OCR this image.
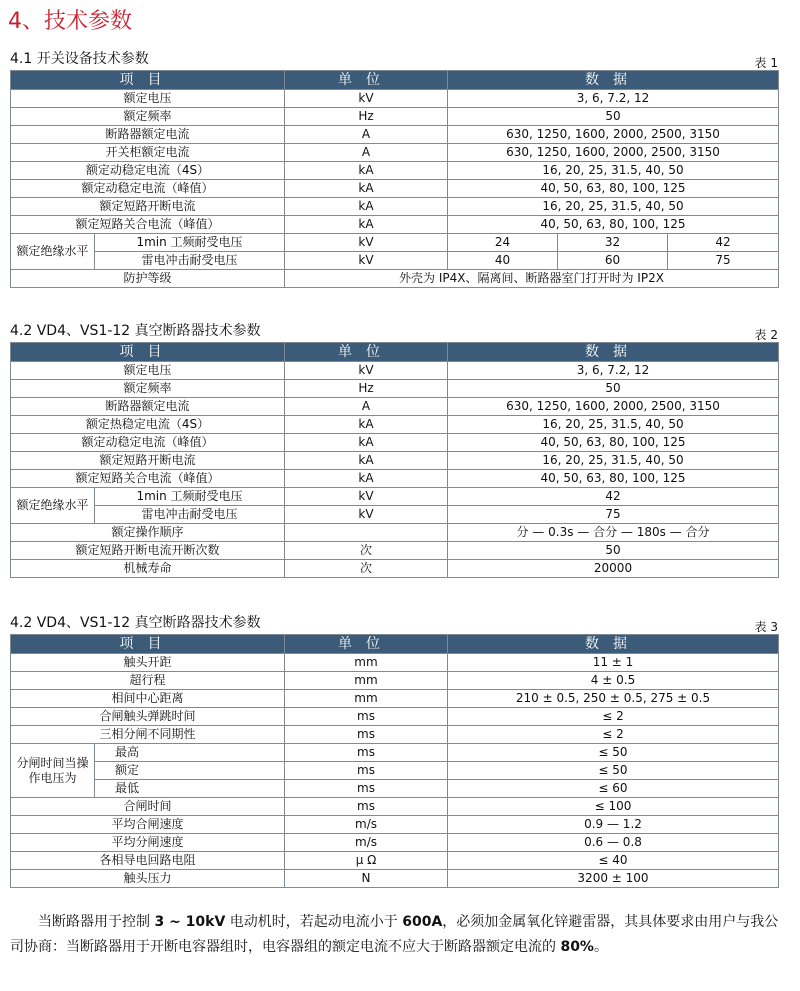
4、技术参数
4.1 开关设备技术参数	表 1
项目		单位	数据		
额定电压		kV	3, 6, 7.2, 12		
额定频率		Hz	50		
断路器额定电流		A	630, 1250, 1600, 2000, 2500, 3150		
开关柜额定电流		A	630, 1250, 1600, 2000, 2500, 3150		
额定动稳定电流（4S）		kA	16, 20, 25, 31.5, 40, 50		
额定动稳定电流（峰值）		kA	40, 50, 63, 80, 100, 125		
额定短路开断电流		kA	16, 20, 25, 31.5, 40, 50		
额定短路关合电流（峰值）		kA	40, 50, 63, 80, 100, 125		
额定绝缘水平	1min 工频耐受电压	kV	24	32	42
	雷电冲击耐受电压	kV	40	60	75
防护等级		外壳为 IP4X、隔离间、断路器室门打开时为 IP2X			
4.2 VD4、VS1-12 真空断路器技术参数	表 2
项目		单位	数据
额定电压		kV	3, 6, 7.2, 12
额定频率		Hz	50
断路器额定电流		A	630, 1250, 1600, 2000, 2500, 3150
额定热稳定电流（4S）		kA	16, 20, 25, 31.5, 40, 50
额定动稳定电流（峰值）		kA	40, 50, 63, 80, 100, 125
额定短路开断电流		kA	16, 20, 25, 31.5, 40, 50
额定短路关合电流（峰值）		kA	40, 50, 63, 80, 100, 125
额定绝缘水平	1min 工频耐受电压	kV	42
	雷电冲击耐受电压	kV	75
额定操作顺序			分 — 0.3s — 合分 — 180s — 合分
额定短路开断电流开断次数		次	50
机械寿命		次	20000
4.2 VD4、VS1-12 真空断路器技术参数	表 3
项目		单位	数据
触头开距		mm	11 ± 1
超行程		mm	4 ± 0.5
相间中心距离		mm	210 ± 0.5, 250 ± 0.5, 275 ± 0.5
合闸触头弹跳时间		ms	≤ 2
三相分闸不同期性		ms	≤ 2
分闸时间当操作电压为	最高	ms	≤ 50
	额定	ms	≤ 50
	最低	ms	≤ 60
合闸时间		ms	≤ 100
平均合闸速度		m/s	0.9 — 1.2
平均分闸速度		m/s	0.6 — 0.8
各相导电回路电阻		μ Ω	≤ 40
触头压力		N	3200 ± 100
当断路器用于控制 3 ~ 10kV 电动机时，若起动电流小于 600A，必须加金属氧化锌避雷器，其具体要求由用户与我公司协商：当断路器用于开断电容器组时，电容器组的额定电流不应大于断路器额定电流的 80%。
